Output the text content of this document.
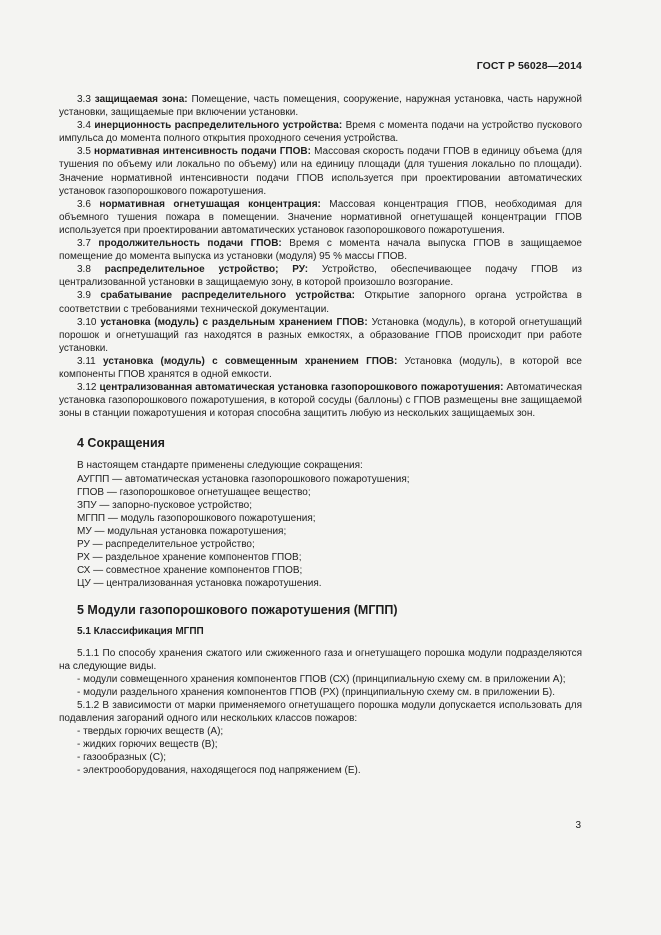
ГОСТ Р 56028—2014

3.3 защищаемая зона: Помещение, часть помещения, сооружение, наружная установка, часть наружной установки, защищаемые при включении установки.

3.4 инерционность распределительного устройства: Время с момента подачи на устройство пускового импульса до момента полного открытия проходного сечения устройства.

3.5 нормативная интенсивность подачи ГПОВ: Массовая скорость подачи ГПОВ в единицу объема (для тушения по объему или локально по объему) или на единицу площади (для тушения локально по площади). Значение нормативной интенсивности подачи ГПОВ используется при проектировании автоматических установок газопорошкового пожаротушения.

3.6 нормативная огнетушащая концентрация: Массовая концентрация ГПОВ, необходимая для объемного тушения пожара в помещении. Значение нормативной огнетушащей концентрации ГПОВ используется при проектировании автоматических установок газопорошкового пожаротушения.

3.7 продолжительность подачи ГПОВ: Время с момента начала выпуска ГПОВ в защищаемое помещение до момента выпуска из установки (модуля) 95 % массы ГПОВ.

3.8 распределительное устройство; РУ: Устройство, обеспечивающее подачу ГПОВ из централизованной установки в защищаемую зону, в которой произошло возгорание.

3.9 срабатывание распределительного устройства: Открытие запорного органа устройства в соответствии с требованиями технической документации.

3.10 установка (модуль) с раздельным хранением ГПОВ: Установка (модуль), в которой огнетушащий порошок и огнетушащий газ находятся в разных емкостях, а образование ГПОВ происходит при работе установки.

3.11 установка (модуль) с совмещенным хранением ГПОВ: Установка (модуль), в которой все компоненты ГПОВ хранятся в одной емкости.

3.12 централизованная автоматическая установка газопорошкового пожаротушения: Автоматическая установка газопорошкового пожаротушения, в которой сосуды (баллоны) с ГПОВ размещены вне защищаемой зоны в станции пожаротушения и которая способна защитить любую из нескольких защищаемых зон.

4 Сокращения

В настоящем стандарте применены следующие сокращения:

АУГПП — автоматическая установка газопорошкового пожаротушения;

ГПОВ — газопорошковое огнетушащее вещество;

ЗПУ — запорно-пусковое устройство;

МГПП — модуль газопорошкового пожаротушения;

МУ — модульная установка пожаротушения;

РУ — распределительное устройство;

РХ — раздельное хранение компонентов ГПОВ;

СХ — совместное хранение компонентов ГПОВ;

ЦУ — централизованная установка пожаротушения.

5 Модули газопорошкового пожаротушения (МГПП)
5.1 Классификация МГПП

5.1.1 По способу хранения сжатого или сжиженного газа и огнетушащего порошка модули подразделяются на следующие виды.

- модули совмещенного хранения компонентов ГПОВ (СХ) (принципиальную схему см. в приложении А);

- модули раздельного хранения компонентов ГПОВ (РХ) (принципиальную схему см. в приложении Б).

5.1.2 В зависимости от марки применяемого огнетушащего порошка модули допускается использовать для подавления загораний одного или нескольких классов пожаров:

- твердых горючих веществ (А);

- жидких горючих веществ (В);

- газообразных (С);

- электрооборудования, находящегося под напряжением (Е).

3
